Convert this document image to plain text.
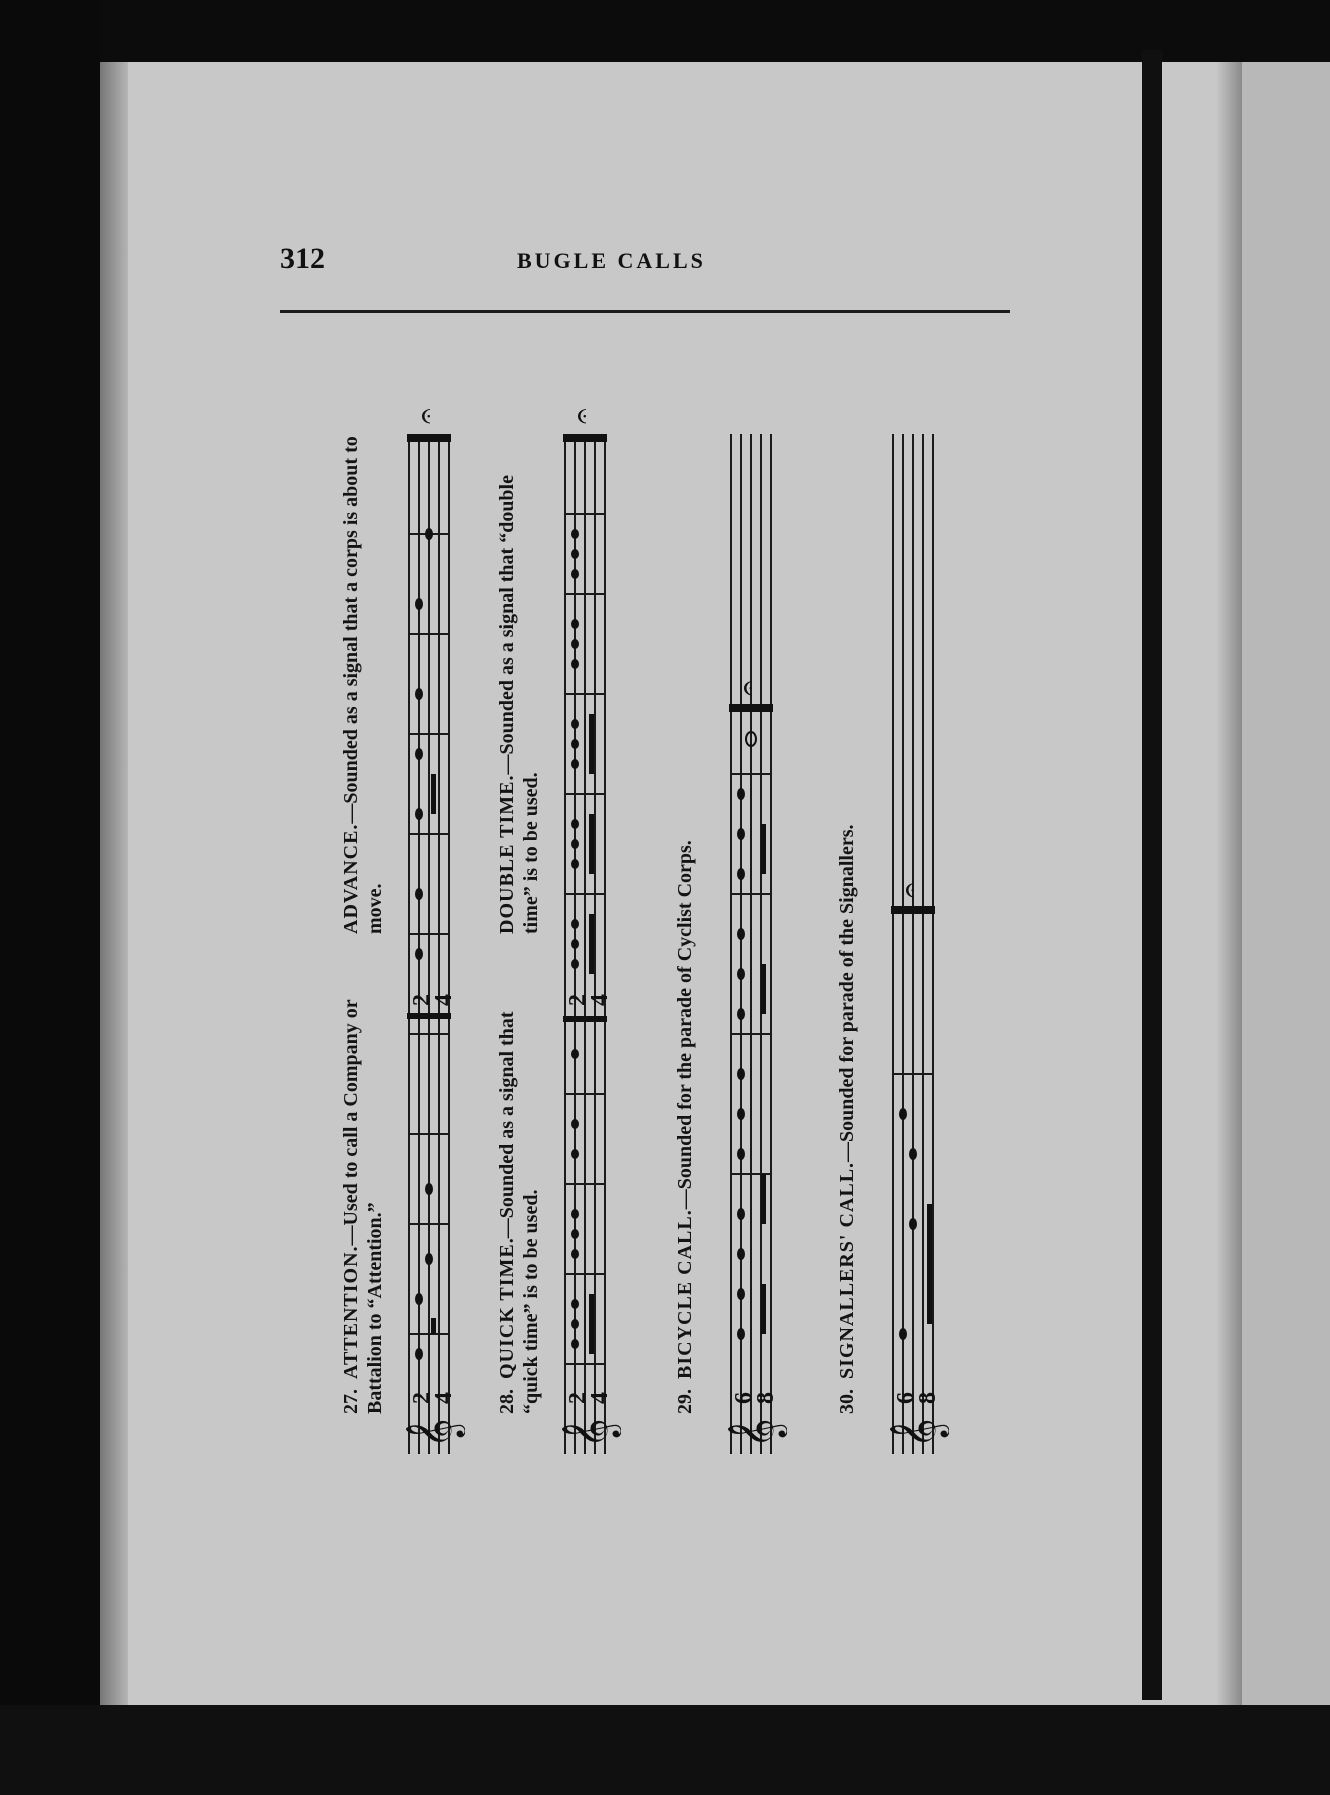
312	BUGLE CALLS
27.ATTENTION.—Used to call a Company or Battalion to “Attention.”
ADVANCE.—Sounded as a signal that a corps is about to move.
𝄞
2
4
2
4
𝄐
28.QUICK TIME.—Sounded as a signal that “quick time” is to be used.
DOUBLE TIME.—Sounded as a signal that “double time” is to be used.
𝄞
2
4
2
4
𝄐
29.BICYCLE CALL.—Sounded for the parade of Cyclist Corps.
𝄞
6
8
𝄐
30.SIGNALLERS' CALL.—Sounded for parade of the Signallers.
𝄞
6
8
𝄐
